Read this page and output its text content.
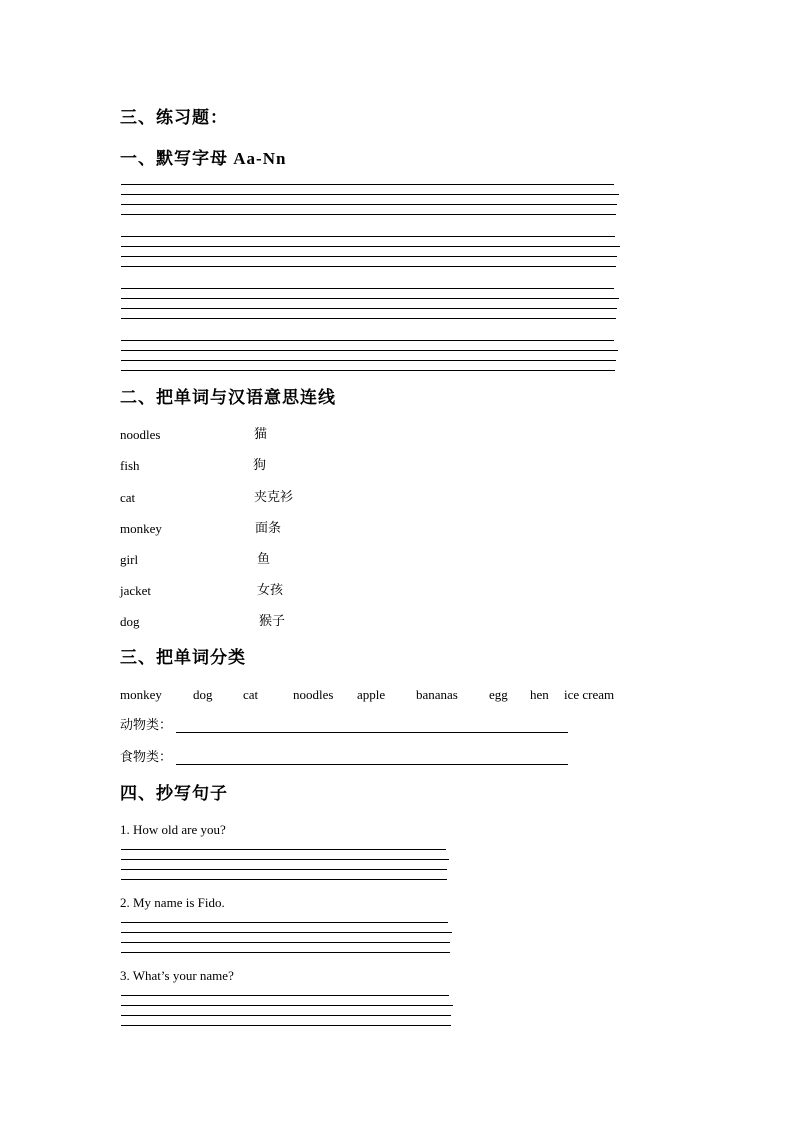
三、练习题：
一、默写字母 Aa-Nn
二、把单词与汉语意思连线
noodles	猫
fish	狗
cat	夹克衫
monkey	面条
girl	鱼
jacket	女孩
dog	猴子
三、把单词分类
monkey dog cat	noodles apple bananas egg hen ice cream
动物类：
食物类：
四、抄写句子
1. How old are you?
2. My name is Fido.
3. What’s your name?
